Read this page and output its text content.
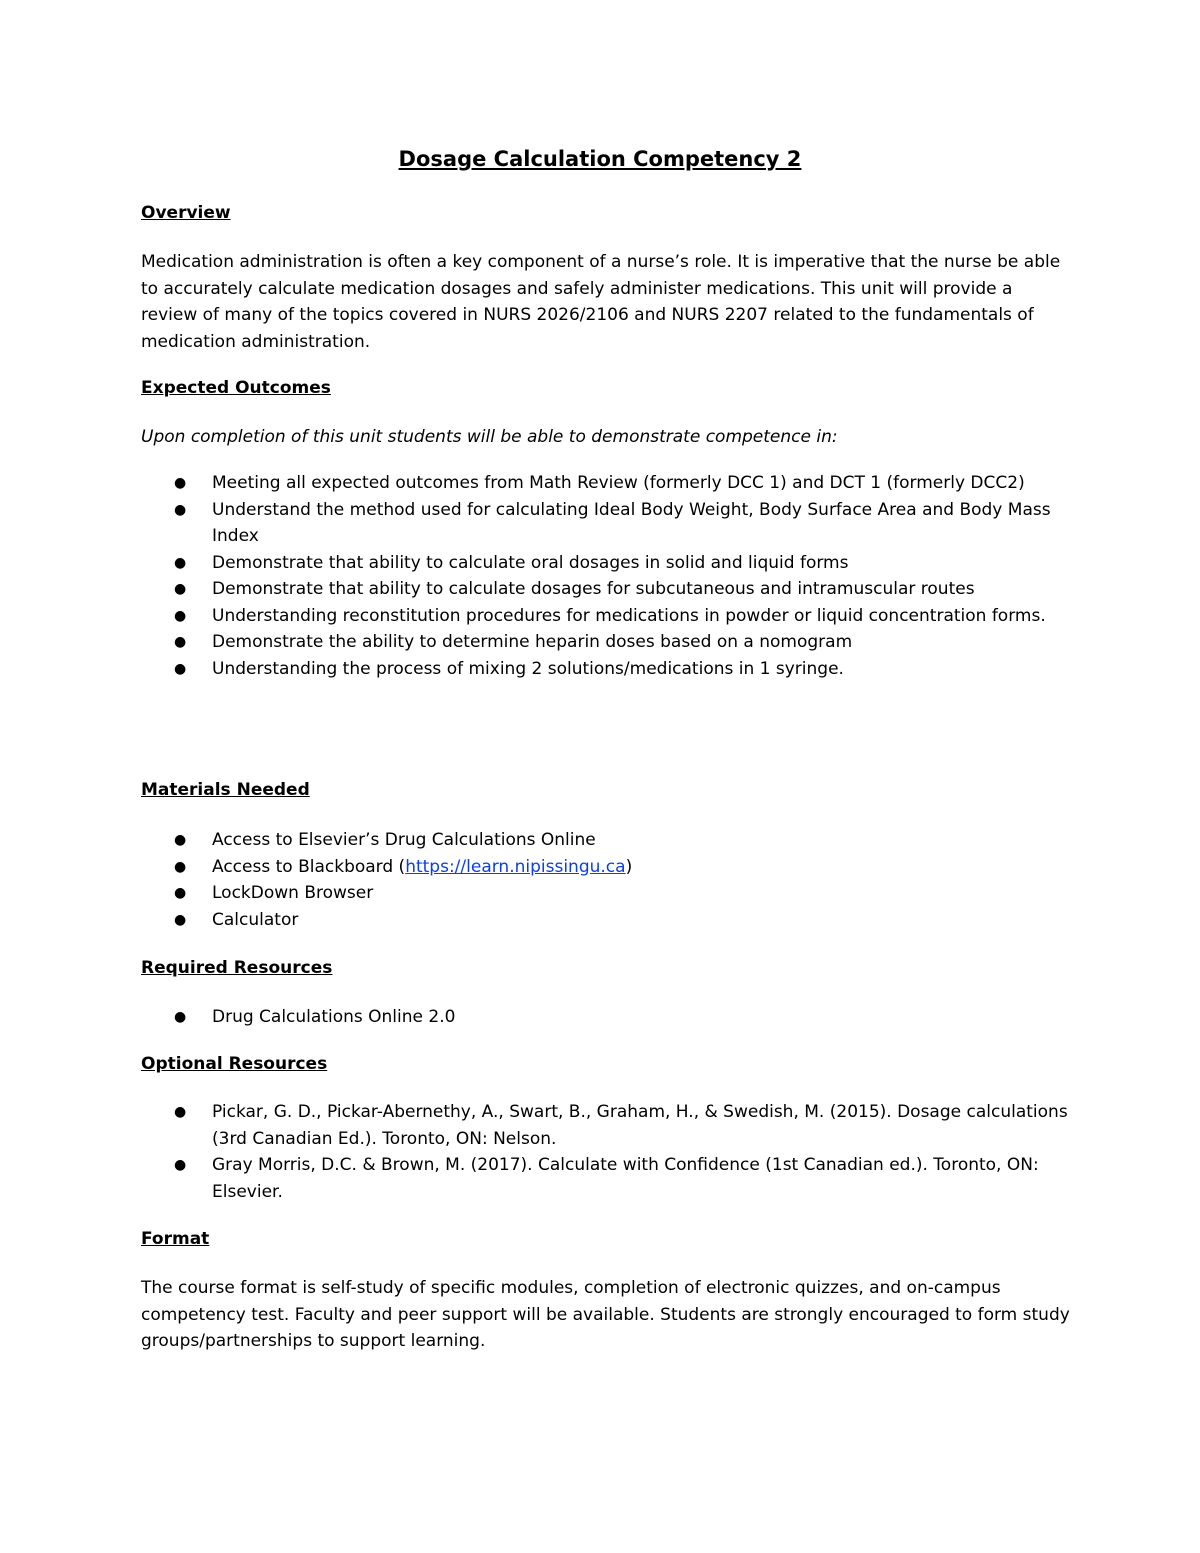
Dosage Calculation Competency 2
Overview

Medication administration is often a key component of a nurse’s role. It is imperative that the nurse be able to accurately calculate medication dosages and safely administer medications. This unit will provide a review of many of the topics covered in NURS 2026/2106 and NURS 2207 related to the fundamentals of medication administration.

Expected Outcomes
Upon completion of this unit students will be able to demonstrate competence in:
● Meeting all expected outcomes from Math Review (formerly DCC 1) and DCT 1 (formerly DCC2)
● Understand the method used for calculating Ideal Body Weight, Body Surface Area and Body Mass Index
● Demonstrate that ability to calculate oral dosages in solid and liquid forms
● Demonstrate that ability to calculate dosages for subcutaneous and intramuscular routes
● Understanding reconstitution procedures for medications in powder or liquid concentration forms.
● Demonstrate the ability to determine heparin doses based on a nomogram
● Understanding the process of mixing 2 solutions/medications in 1 syringe.
Materials Needed
● Access to Elsevier’s Drug Calculations Online
● Access to Blackboard (https://learn.nipissingu.ca)
● LockDown Browser
● Calculator
Required Resources
● Drug Calculations Online 2.0
Optional Resources
● Pickar, G. D., Pickar-Abernethy, A., Swart, B., Graham, H., & Swedish, M. (2015). Dosage calculations (3rd Canadian Ed.). Toronto, ON: Nelson.
● Gray Morris, D.C. & Brown, M. (2017). Calculate with Confidence (1st Canadian ed.). Toronto, ON: Elsevier.
Format

The course format is self-study of specific modules, completion of electronic quizzes, and on-campus competency test. Faculty and peer support will be available. Students are strongly encouraged to form study groups/partnerships to support learning.
